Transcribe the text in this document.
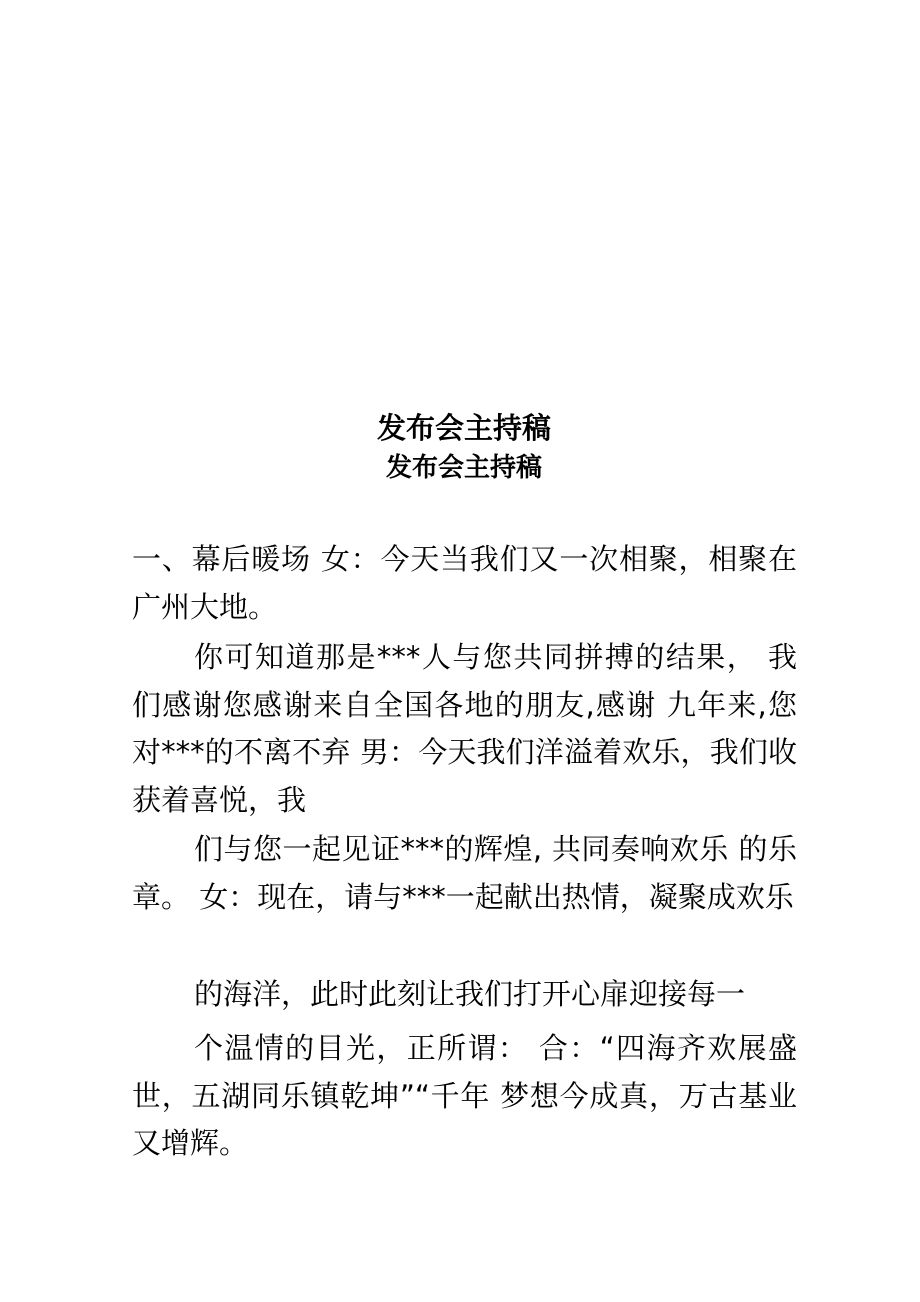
发布会主持稿
发布会主持稿

一、幕后暖场 女：今天当我们又一次相聚，相聚在广州大地。

你可知道那是***人与您共同拼搏的结果， 我们感谢您感谢来自全国各地的朋友,感谢 九年来,您对***的不离不弃 男：今天我们洋溢着欢乐，我们收获着喜悦，我

们与您一起见证***的辉煌, 共同奏响欢乐 的乐章。 女：现在，请与***一起献出热情，凝聚成欢乐

的海洋，此时此刻让我们打开心扉迎接每一

个温情的目光，正所谓： 合：“四海齐欢展盛世，五湖同乐镇乾坤”“千年 梦想今成真，万古基业又增辉。
